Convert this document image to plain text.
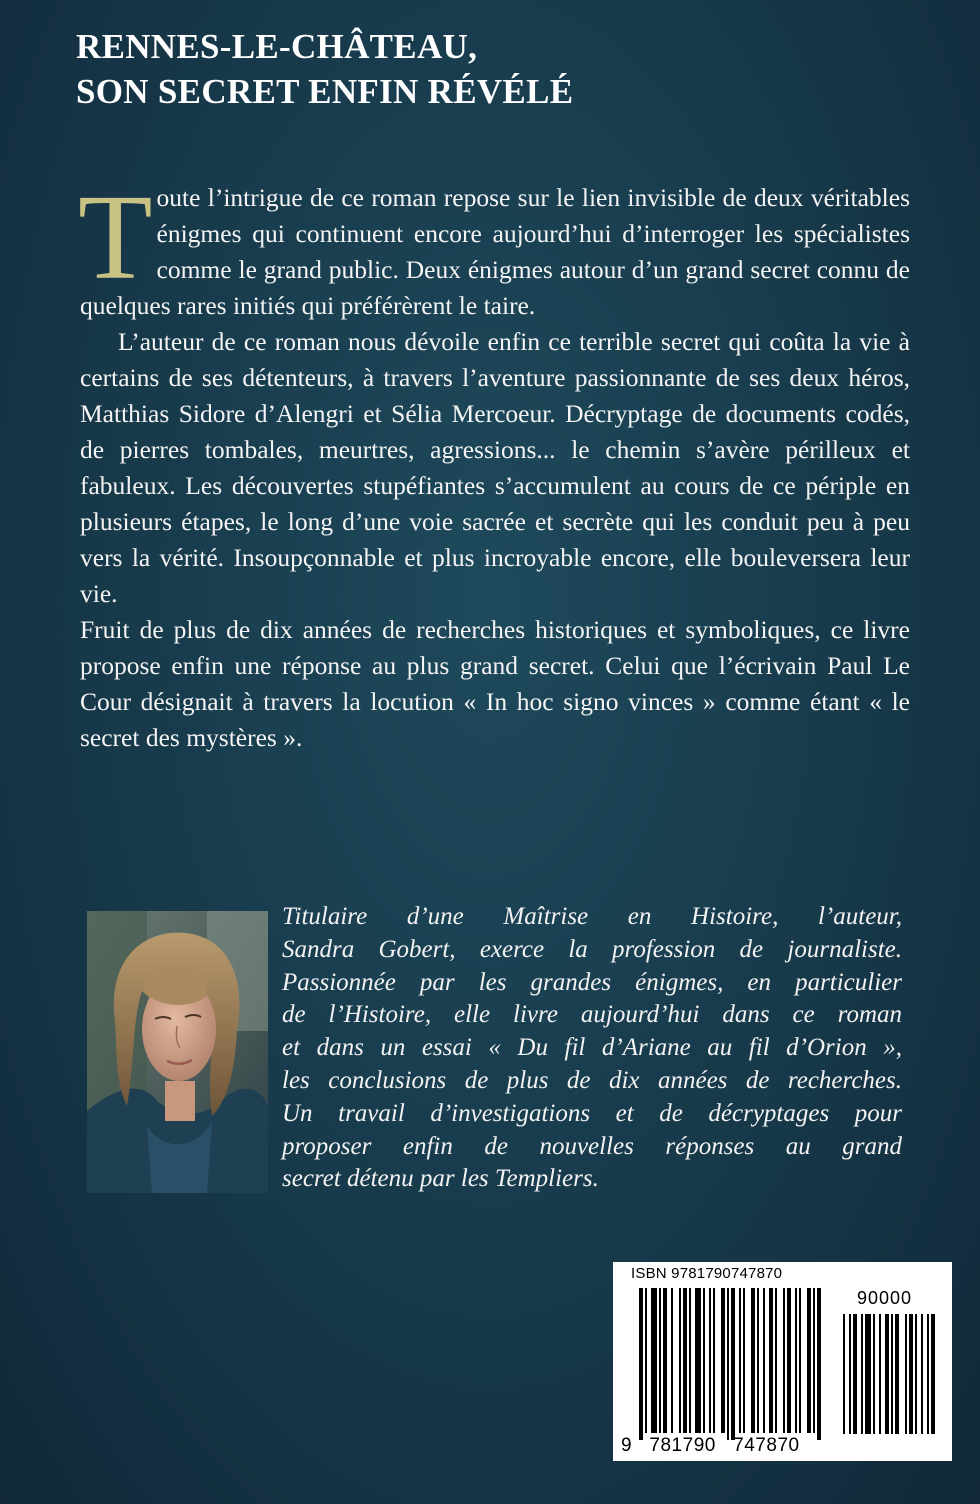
RENNES-LE-CHÂTEAU,
SON SECRET ENFIN RÉVÉLÉ

Toute l’intrigue de ce roman repose sur le lien invisible de deux véritables énigmes qui continuent encore aujourd’hui d’interroger les spécialistes comme le grand public. Deux énigmes autour d’un grand secret connu de quelques rares initiés qui préférèrent le taire.

L’auteur de ce roman nous dévoile enfin ce terrible secret qui coûta la vie à certains de ses détenteurs, à travers l’aventure passionnante de ses deux héros, Matthias Sidore d’Alengri et Sélia Mercoeur. Décryptage de documents codés, de pierres tombales, meurtres, agressions... le chemin s’avère périlleux et fabuleux. Les découvertes stupéfiantes s’accumulent au cours de ce périple en plusieurs étapes, le long d’une voie sacrée et secrète qui les conduit peu à peu vers la vérité. Insoupçonnable et plus incroyable encore, elle bouleversera leur vie.

Fruit de plus de dix années de recherches historiques et symboliques, ce livre propose enfin une réponse au plus grand secret. Celui que l’écrivain Paul Le Cour désignait à travers la locution « In hoc signo vinces » comme étant « le secret des mystères ».

Titulaire d’une Maîtrise en Histoire, l’auteur,
Sandra Gobert, exerce la profession de journaliste.
Passionnée par les grandes énigmes, en particulier
de l’Histoire, elle livre aujourd’hui dans ce roman
et dans un essai « Du fil d’Ariane au fil d’Orion »,
les conclusions de plus de dix années de recherches.
Un travail d’investigations et de décryptages pour
proposer enfin de nouvelles réponses au grand
secret détenu par les Templiers.
ISBN 9781790747870
90000
9 781790 747870
